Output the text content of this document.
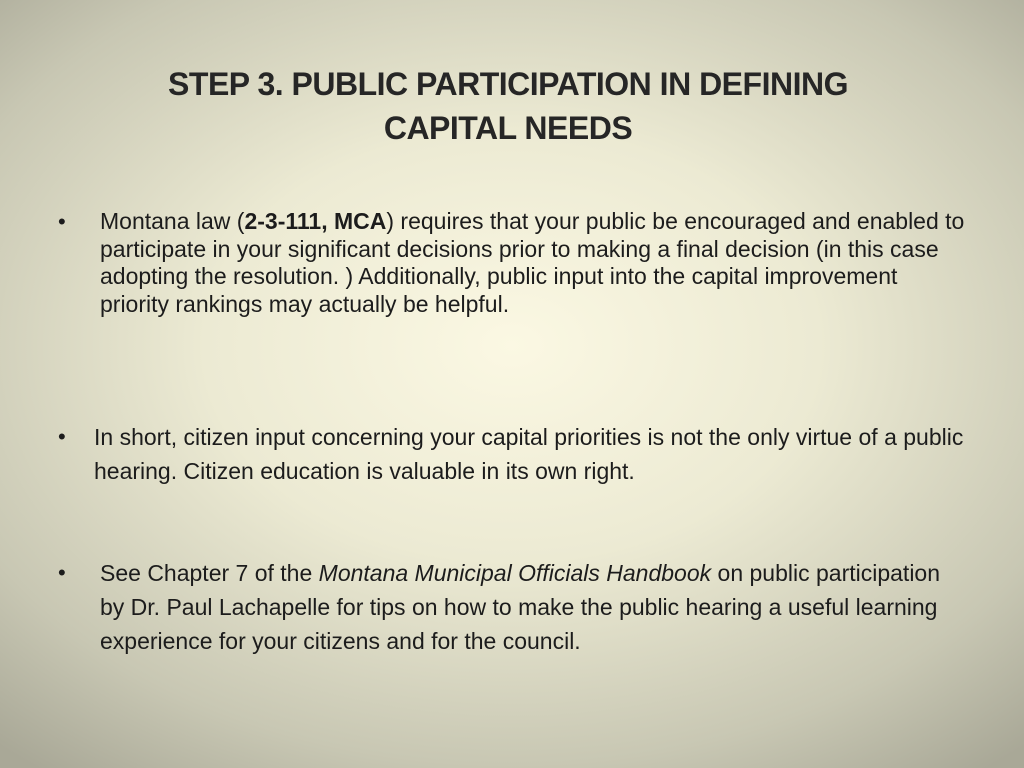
STEP 3. PUBLIC PARTICIPATION IN DEFINING
CAPITAL NEEDS
• Montana law (2-3-111, MCA) requires that your public be encouraged and enabled to participate in your significant decisions prior to making a final decision (in this case adopting the resolution. ) Additionally, public input into the capital improvement priority rankings may actually be helpful.
• In short, citizen input concerning your capital priorities is not the only virtue of a public hearing. Citizen education is valuable in its own right.
• See Chapter 7 of the Montana Municipal Officials Handbook on public participation by Dr. Paul Lachapelle for tips on how to make the public hearing a useful learning experience for your citizens and for the council.
